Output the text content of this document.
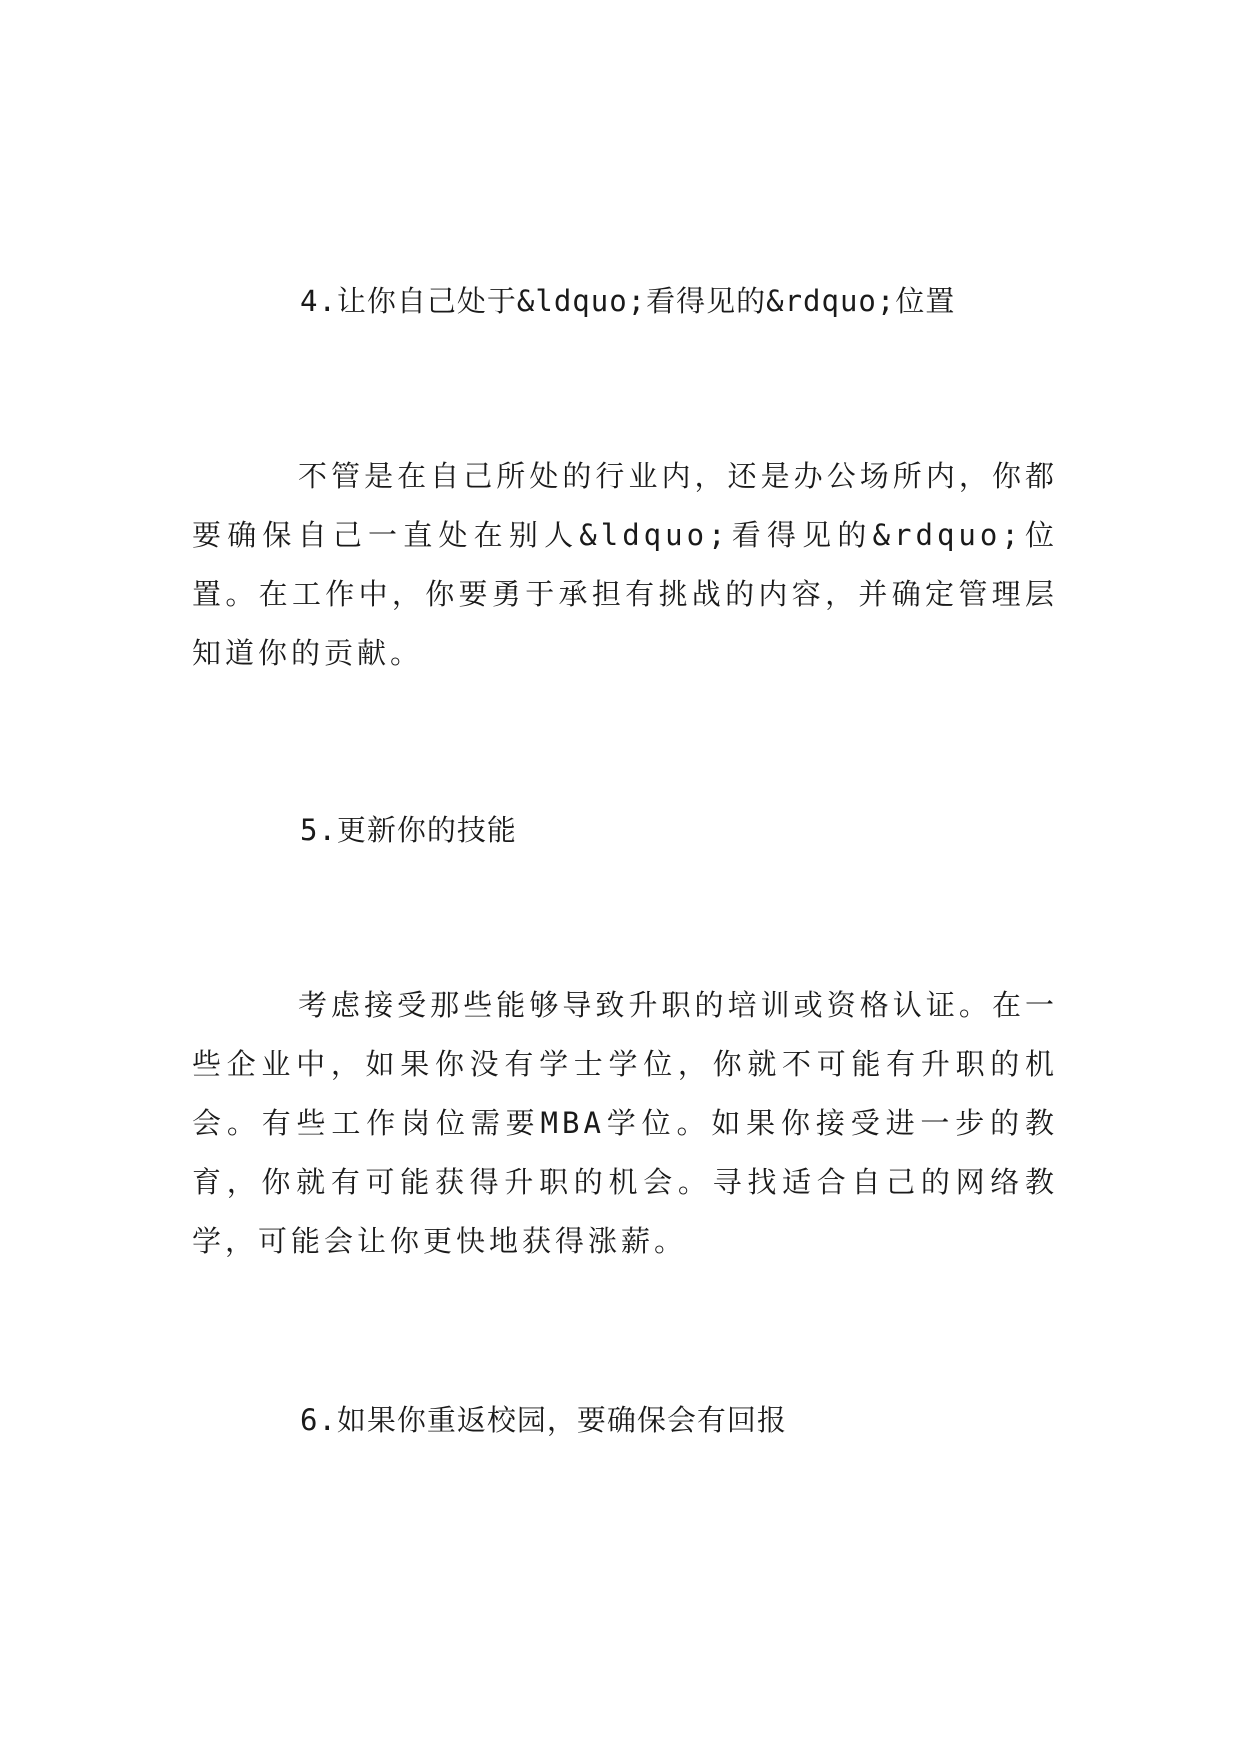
4.让你自己处于&ldquo;看得见的&rdquo;位置
不管是在自己所处的行业内，还是办公场所内，你都要确保自己一直处在别人&ldquo;看得见的&rdquo;位置。在工作中，你要勇于承担有挑战的内容，并确定管理层知道你的贡献。
5.更新你的技能
考虑接受那些能够导致升职的培训或资格认证。在一些企业中，如果你没有学士学位，你就不可能有升职的机会。有些工作岗位需要MBA学位。如果你接受进一步的教育，你就有可能获得升职的机会。寻找适合自己的网络教学，可能会让你更快地获得涨薪。
6.如果你重返校园，要确保会有回报
